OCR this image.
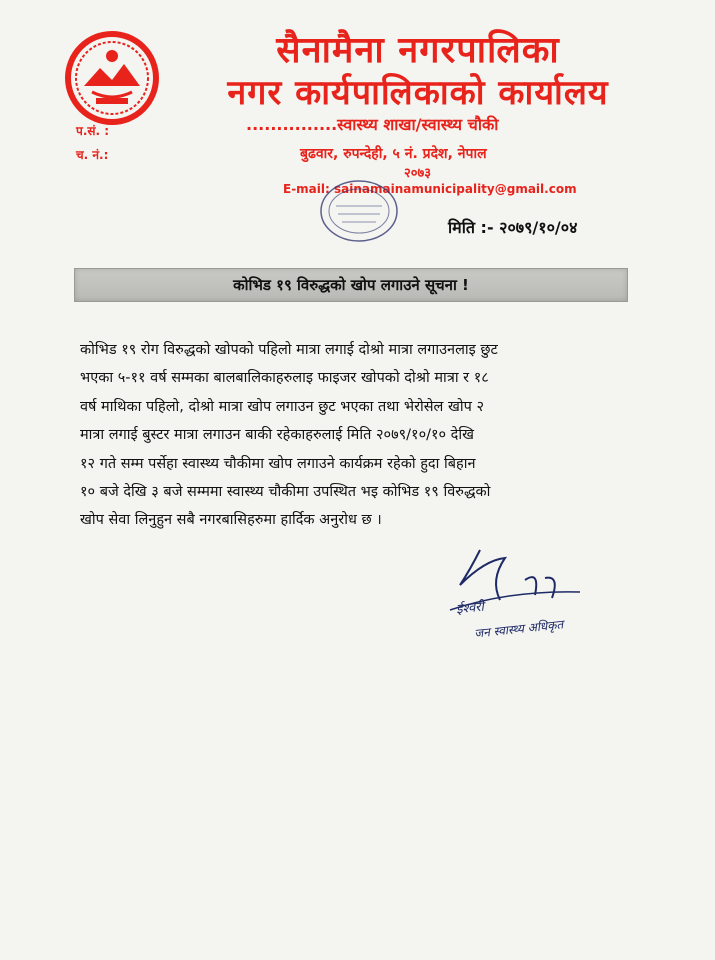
सैनामैना नगरपालिका
नगर कार्यपालिकाको कार्यालय
...............स्वास्थ्य शाखा/स्वास्थ्य चौकी
प.सं. :
च. नं.:	बुढवार, रुपन्देही, ५ नं. प्रदेश, नेपाल
२०७३
E-mail: sainamainamunicipality@gmail.com
मिति :- २०७९/१०/०४
कोभिड १९ विरुद्धको खोप लगाउने सूचना !
कोभिड १९ रोग विरुद्धको खोपको पहिलो मात्रा लगाई दोश्रो मात्रा लगाउनलाइ छुट
भएका ५-११ वर्ष सम्मका बालबालिकाहरुलाइ फाइजर खोपको दोश्रो मात्रा र १८
वर्ष माथिका पहिलो, दोश्रो मात्रा खोप लगाउन छुट भएका तथा भेरोसेल खोप २
मात्रा लगाई बुस्टर मात्रा लगाउन बाकी रहेकाहरुलाई मिति २०७९/१०/१० देखि
१२ गते सम्म पर्सेहा स्वास्थ्य चौकीमा खोप लगाउने कार्यक्रम रहेको हुदा बिहान
१० बजे देखि ३ बजे सम्ममा स्वास्थ्य चौकीमा उपस्थित भइ कोभिड १९ विरुद्धको
खोप सेवा लिनुहुन सबै नगरबासिहरुमा हार्दिक अनुरोध छ ।
ईश्वरी
जन स्वास्थ्य अधिकृत
